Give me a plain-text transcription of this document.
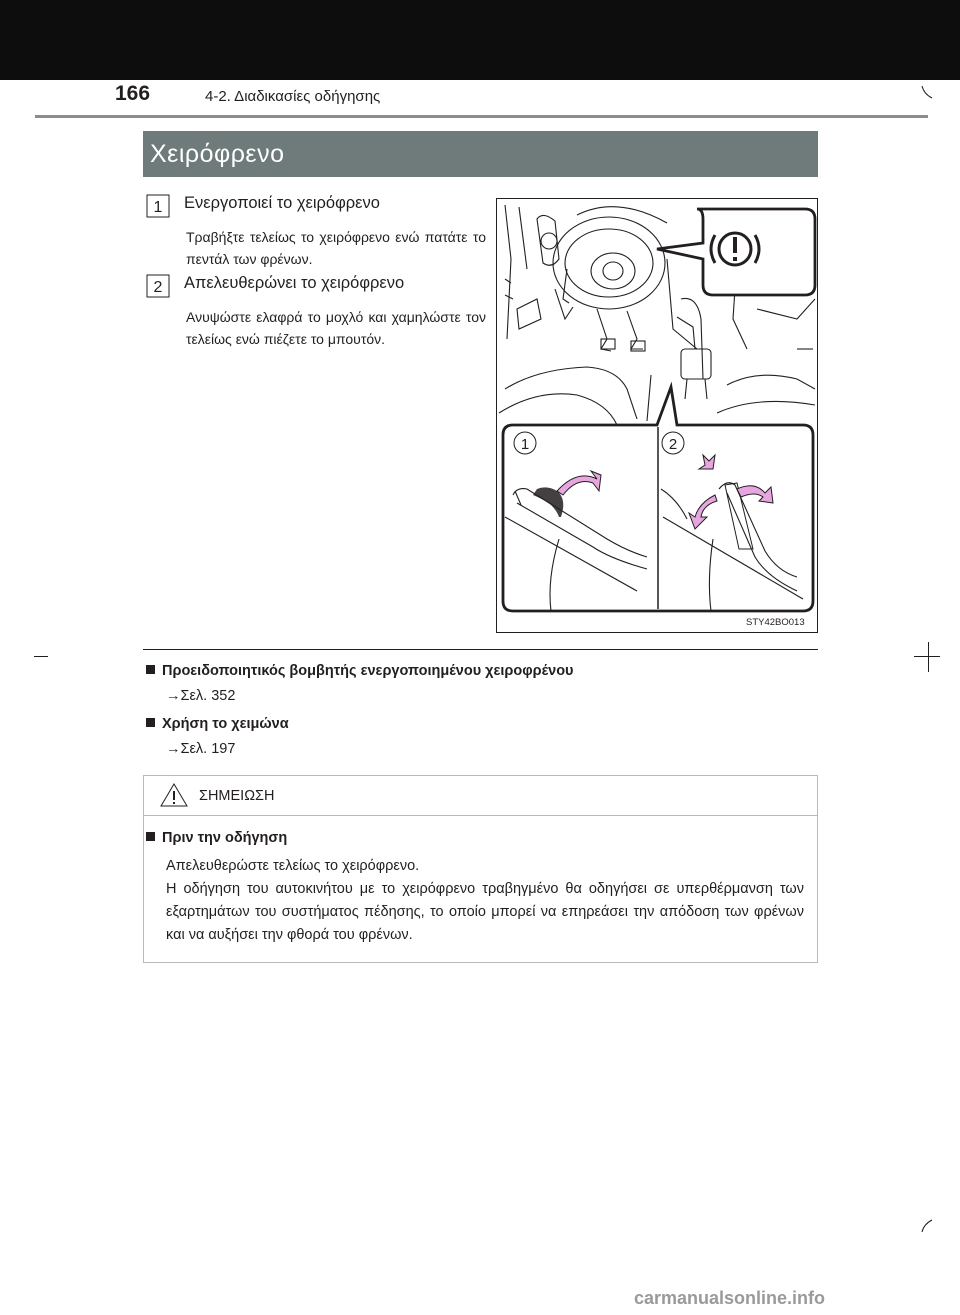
166	4-2. Διαδικασίες οδήγησης
Χειρόφρενο
1 Ενεργοποιεί το χειρόφρενο
Τραβήξτε τελείως το χειρόφρενο ενώ πατάτε το πεντάλ των φρένων.
2 Απελευθερώνει το χειρόφρενο
Ανυψώστε ελαφρά το μοχλό και χαμηλώστε τον τελείως ενώ πιέζετε το μπουτόν.
1	2
STY42BO013
Προειδοποιητικός βομβητής ενεργοποιημένου χειροφρένου
→Σελ. 352
Χρήση το χειμώνα
→Σελ. 197
ΣΗΜΕΙΩΣΗ
Πριν την οδήγηση

Απελευθερώστε τελείως το χειρόφρενο.

Η οδήγηση του αυτοκινήτου με το χειρόφρενο τραβηγμένο θα οδηγήσει σε υπερθέρμανση των εξαρτημάτων του συστήματος πέδησης, το οποίο μπορεί να επηρεάσει την απόδοση των φρένων και να αυξήσει την φθορά του φρένων.

carmanualsonline.info
